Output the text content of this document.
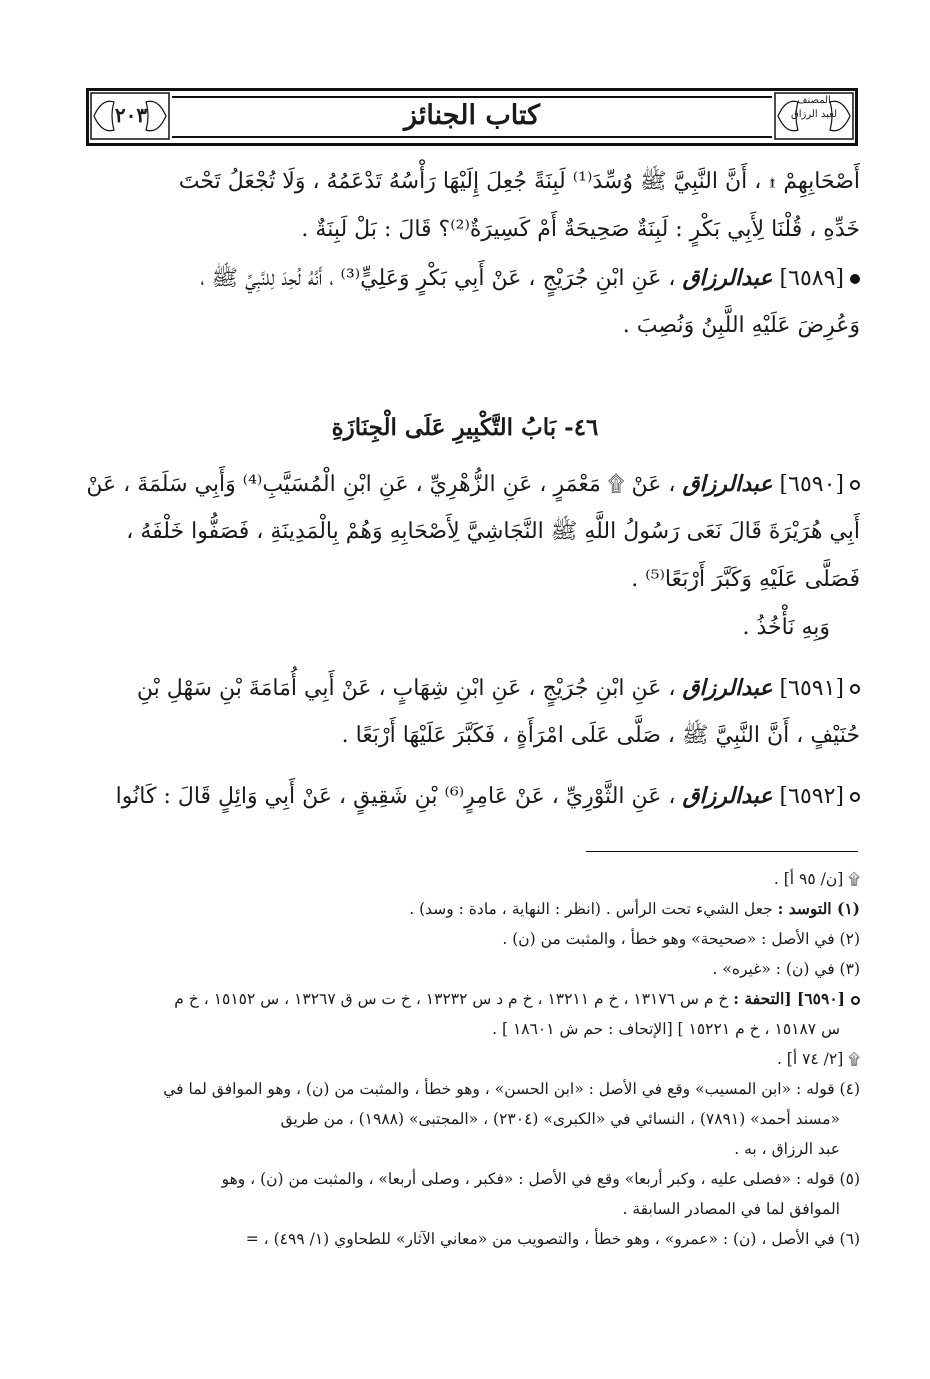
المصنف
لعبد الرزاق
٢٠٣	كتاب الجنائز
أَصْحَابِهِمْ ۩ ، أَنَّ النَّبِيَّ ﷺ وُسِّدَ⁽¹⁾ لَبِنَةً جُعِلَ إِلَيْهَا رَأْسُهُ تَدْعَمُهُ ، وَلَا تُجْعَلُ تَحْتَ
خَدِّهِ ، قُلْنَا لِأَبِي بَكْرٍ : لَبِنَةٌ صَحِيحَةٌ أَمْ كَسِيرَةٌ⁽²⁾؟ قَالَ : بَلْ لَبِنَةٌ .
[٦٥٨٩] عبدالرزاق ، عَنِ ابْنِ جُرَيْجٍ ، عَنْ أَبِي بَكْرٍ وَعَلِيٍّ⁽³⁾ ، أَنَّهُ لُحِدَ لِلنَّبِيِّ ﷺ ،
وَعُرِضَ عَلَيْهِ اللَّبِنُ وَنُصِبَ .
٤٦- بَابُ التَّكْبِيرِ عَلَى الْجِنَازَةِ
[٦٥٩٠] عبدالرزاق ، عَنْ ۩ مَعْمَرٍ ، عَنِ الزُّهْرِيِّ ، عَنِ ابْنِ الْمُسَيَّبِ⁽⁴⁾ وَأَبِي سَلَمَةَ ، عَنْ
أَبِي هُرَيْرَةَ قَالَ نَعَى رَسُولُ اللَّهِ ﷺ النَّجَاشِيَّ لِأَصْحَابِهِ وَهُمْ بِالْمَدِينَةِ ، فَصَفُّوا خَلْفَهُ ،
فَصَلَّى عَلَيْهِ وَكَبَّرَ أَرْبَعًا⁽⁵⁾ .
وَبِهِ نَأْخُذُ .
[٦٥٩١] عبدالرزاق ، عَنِ ابْنِ جُرَيْجٍ ، عَنِ ابْنِ شِهَابٍ ، عَنْ أَبِي أُمَامَةَ بْنِ سَهْلِ بْنِ
حُنَيْفٍ ، أَنَّ النَّبِيَّ ﷺ ، صَلَّى عَلَى امْرَأَةٍ ، فَكَبَّرَ عَلَيْهَا أَرْبَعًا .
[٦٥٩٢] عبدالرزاق ، عَنِ الثَّوْرِيِّ ، عَنْ عَامِرٍ⁽⁶⁾ بْنِ شَقِيقٍ ، عَنْ أَبِي وَائِلٍ قَالَ : كَانُوا
۩ [ن/ ٩٥ أ] .
(١) التوسد : جعل الشيء تحت الرأس . (انظر : النهاية ، مادة : وسد) .
(٢) في الأصل : «صحيحة» وهو خطأ ، والمثبت من (ن) .
(٣) في (ن) : «غيره» .
[٦٥٩٠] [التحفة : خ م س ١٣١٧٦ ، خ م ١٣٢١١ ، خ م د س ١٣٢٣٢ ، خ ت س ق ١٣٢٦٧ ، س ١٥١٥٢ ، خ م
س ١٥١٨٧ ، خ م ١٥٢٢١ ] [الإتحاف : حم ش ١٨٦٠١ ] .
۩ [٢/ ٧٤ أ] .
(٤) قوله : «ابن المسيب» وقع في الأصل : «ابن الحسن» ، وهو خطأ ، والمثبت من (ن) ، وهو الموافق لما في
«مسند أحمد» (٧٨٩١) ، النسائي في «الكبرى» (٢٣٠٤) ، «المجتبى» (١٩٨٨) ، من طريق
عبد الرزاق ، به .
(٥) قوله : «فصلى عليه ، وكبر أربعا» وقع في الأصل : «فكبر ، وصلى أربعا» ، والمثبت من (ن) ، وهو
الموافق لما في المصادر السابقة .
(٦) في الأصل ، (ن) : «عمرو» ، وهو خطأ ، والتصويب من «معاني الآثار» للطحاوي (١/ ٤٩٩) ، =
